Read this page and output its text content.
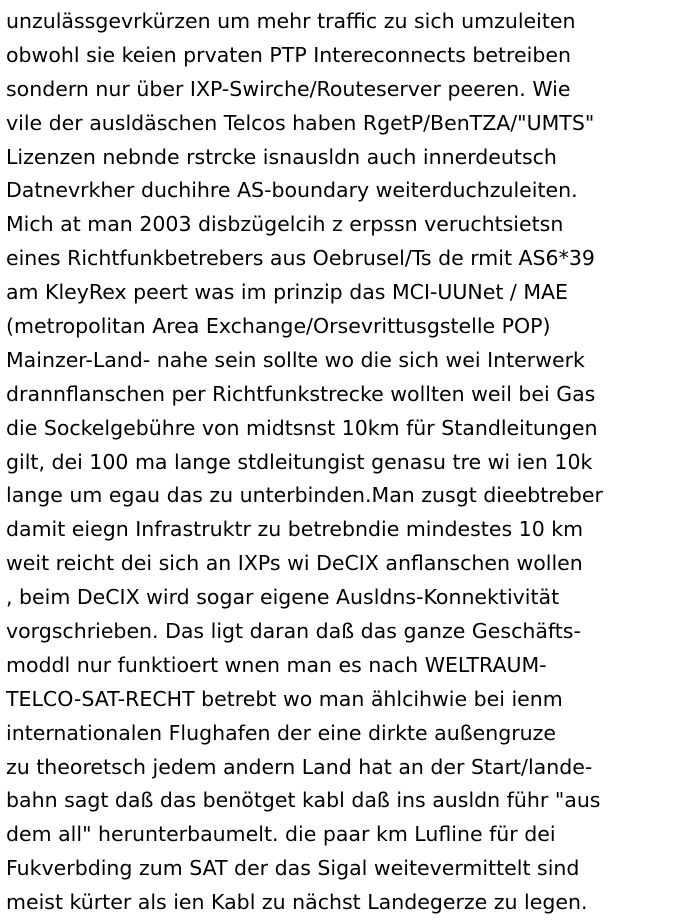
unzulässgevrkürzen um mehr traffic zu sich umzuleiten
obwohl sie keien prvaten PTP Intereconnects betreiben
sondern nur über IXP-Swirche/Routeserver peeren. Wie
vile der ausldäschen Telcos haben RgetP/BenTZA/"UMTS"
Lizenzen nebnde rstrcke isnausldn auch innerdeutsch
Datnevrkher duchihre AS-boundary weiterduchzuleiten.
Mich at man 2003 disbzügelcih z erpssn veruchtsietsn
eines Richtfunkbetrebers aus Oebrusel/Ts de rmit AS6*39
am KleyRex peert was im prinzip das MCI-UUNet / MAE
(metropolitan Area Exchange/Orsevrittusgstelle POP)
Mainzer-Land- nahe sein sollte wo die sich wei Interwerk
drannflanschen per Richtfunkstrecke wollten weil bei Gas
die Sockelgebühre von midtsnst 10km für Standleitungen
gilt, dei 100 ma lange stdleitungist genasu tre wi ien 10k
lange um egau das zu unterbinden.Man zusgt dieebtreber
damit eiegn Infrastruktr zu betrebndie mindestes 10 km
weit reicht dei sich an IXPs wi DeCIX anflanschen wollen
, beim DeCIX wird sogar eigene Ausldns-Konnektivität
vorgschrieben. Das ligt daran daß das ganze Geschäfts-
moddl nur funktioert wnen man es nach WELTRAUM-
TELCO-SAT-RECHT betrebt wo man ählcihwie bei ienm
internationalen Flughafen der eine dirkte außengruze
zu theoretsch jedem andern Land hat an der Start/lande-
bahn sagt daß das benötget kabl daß ins ausldn führ "aus
dem all" herunterbaumelt. die paar km Lufline für dei
Fukverbding zum SAT der das Sigal weitevermittelt sind
meist kürter als ien Kabl zu nächst Landegerze zu legen.
